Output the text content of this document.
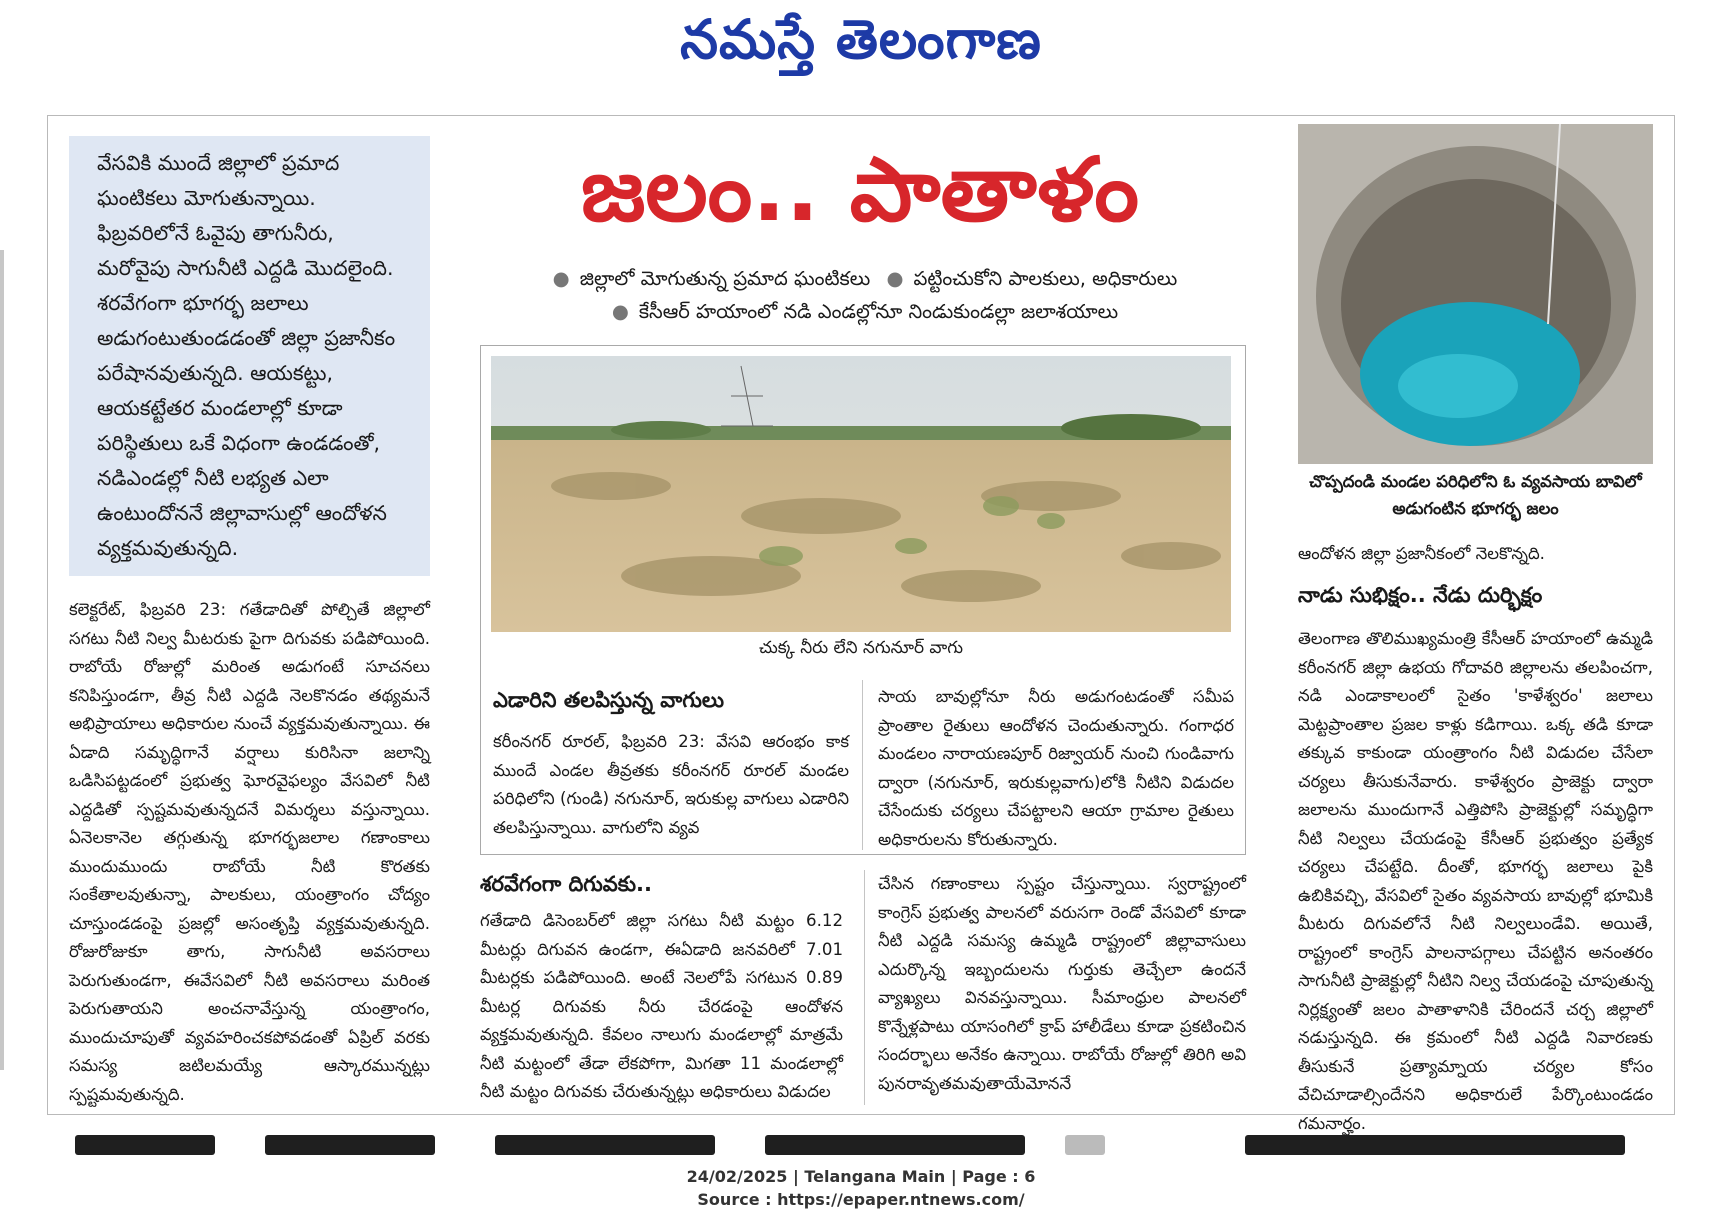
నమస్తే తెలంగాణ

వేసవికి ముందే జిల్లాలో ప్రమాద ఘంటికలు మోగుతున్నాయి. ఫిబ్రవరిలోనే ఓవైపు తాగునీరు, మరోవైపు సాగునీటి ఎద్దడి మొదలైంది. శరవేగంగా భూగర్భ జలాలు అడుగంటుతుండడంతో జిల్లా ప్రజానీకం పరేషానవుతున్నది. ఆయకట్టు, ఆయకట్టేతర మండలాల్లో కూడా పరిస్థితులు ఒకే విధంగా ఉండడంతో, నడిఎండల్లో నీటి లభ్యత ఎలా ఉంటుందోననే జిల్లావాసుల్లో ఆందోళన వ్యక్తమవుతున్నది.

జలం.. పాతాళం
● జిల్లాలో మోగుతున్న ప్రమాద ఘంటికలు ● పట్టించుకోని పాలకులు, అధికారులు
● కేసీఆర్ హయాంలో నడి ఎండల్లోనూ నిండుకుండల్లా జలాశయాలు
చుక్క నీరు లేని నగునూర్ వాగు
ఎడారిని తలపిస్తున్న వాగులు

కరీంనగర్ రూరల్, ఫిబ్రవరి 23: వేసవి ఆరంభం కాక ముందే ఎండల తీవ్రతకు కరీంనగర్ రూరల్ మండల పరిధిలోని (గుండి) నగునూర్, ఇరుకుల్ల వాగులు ఎడారిని తలపిస్తున్నాయి. వాగులోని వ్యవ

సాయ బావుల్లోనూ నీరు అడుగంటడంతో సమీప ప్రాంతాల రైతులు ఆందోళన చెందుతున్నారు. గంగాధర మండలం నారాయణపూర్ రిజ్వాయర్ నుంచి గుండివాగు ద్వారా (నగునూర్, ఇరుకుల్లవాగు)లోకి నీటిని విడుదల చేసేందుకు చర్యలు చేపట్టాలని ఆయా గ్రామాల రైతులు అధికారులను కోరుతున్నారు.

కలెక్టరేట్, ఫిబ్రవరి 23: గతేడాదితో పోల్చితే జిల్లాలో సగటు నీటి నిల్వ మీటరుకు పైగా దిగువకు పడిపోయింది. రాబోయే రోజుల్లో మరింత అడుగంటే సూచనలు కనిపిస్తుండగా, తీవ్ర నీటి ఎద్దడి నెలకొనడం తథ్యమనే అభిప్రాయాలు అధికారుల నుంచే వ్యక్తమవుతున్నాయి. ఈ ఏడాది సమృద్ధిగానే వర్షాలు కురిసినా జలాన్ని ఒడిసిపట్టడంలో ప్రభుత్వ ఘోరవైఫల్యం వేసవిలో నీటి ఎద్దడితో స్పష్టమవుతున్నదనే విమర్శలు వస్తున్నాయి. ఏనెలకానెల తగ్గుతున్న భూగర్భజలాల గణాంకాలు ముందుముందు రాబోయే నీటి కొరతకు సంకేతాలవుతున్నా, పాలకులు, యంత్రాంగం చోద్యం చూస్తుండడంపై ప్రజల్లో అసంతృప్తి వ్యక్తమవుతున్నది. రోజురోజుకూ తాగు, సాగునీటి అవసరాలు పెరుగుతుండగా, ఈవేసవిలో నీటి అవసరాలు మరింత పెరుగుతాయని అంచనావేస్తున్న యంత్రాంగం, ముందుచూపుతో వ్యవహరించకపోవడంతో ఏప్రిల్ వరకు సమస్య జటిలమయ్యే ఆస్కారమున్నట్లు స్పష్టమవుతున్నది.

శరవేగంగా దిగువకు..

గతేడాది డిసెంబర్‌లో జిల్లా సగటు నీటి మట్టం 6.12 మీటర్లు దిగువన ఉండగా, ఈఏడాది జనవరిలో 7.01 మీటర్లకు పడిపోయింది. అంటే నెలలోపే సగటున 0.89 మీటర్ల దిగువకు నీరు చేరడంపై ఆందోళన వ్యక్తమవుతున్నది. కేవలం నాలుగు మండలాల్లో మాత్రమే నీటి మట్టంలో తేడా లేకపోగా, మిగతా 11 మండలాల్లో నీటి మట్టం దిగువకు చేరుతున్నట్లు అధికారులు విడుదల

చేసిన గణాంకాలు స్పష్టం చేస్తున్నాయి. స్వరాష్ట్రంలో కాంగ్రెస్ ప్రభుత్వ పాలనలో వరుసగా రెండో వేసవిలో కూడా నీటి ఎద్దడి సమస్య ఉమ్మడి రాష్ట్రంలో జిల్లావాసులు ఎదుర్కొన్న ఇబ్బందులను గుర్తుకు తెచ్చేలా ఉందనే వ్యాఖ్యలు వినవస్తున్నాయి. సీమాంధ్రుల పాలనలో కొన్నేళ్లపాటు యాసంగిలో క్రాప్ హాలీడేలు కూడా ప్రకటించిన సందర్భాలు అనేకం ఉన్నాయి. రాబోయే రోజుల్లో తిరిగి అవి పునరావృతమవుతాయేమోననే

చొప్పదండి మండల పరిధిలోని ఓ వ్యవసాయ బావిలో అడుగంటిన భూగర్భ జలం

ఆందోళన జిల్లా ప్రజానీకంలో నెలకొన్నది.

నాడు సుభిక్షం.. నేడు దుర్భిక్షం

తెలంగాణ తొలిముఖ్యమంత్రి కేసీఆర్ హయాంలో ఉమ్మడి కరీంనగర్ జిల్లా ఉభయ గోదావరి జిల్లాలను తలపించగా, నడి ఎండాకాలంలో సైతం 'కాళేశ్వరం' జలాలు మెట్టప్రాంతాల ప్రజల కాళ్లు కడిగాయి. ఒక్క తడి కూడా తక్కువ కాకుండా యంత్రాంగం నీటి విడుదల చేసేలా చర్యలు తీసుకునేవారు. కాళేశ్వరం ప్రాజెక్టు ద్వారా జలాలను ముందుగానే ఎత్తిపోసి ప్రాజెక్టుల్లో సమృద్ధిగా నీటి నిల్వలు చేయడంపై కేసీఆర్ ప్రభుత్వం ప్రత్యేక చర్యలు చేపట్టేది. దీంతో, భూగర్భ జలాలు పైకి ఉబికివచ్చి, వేసవిలో సైతం వ్యవసాయ బావుల్లో భూమికి మీటరు దిగువలోనే నీటి నిల్వలుండేవి. అయితే, రాష్ట్రంలో కాంగ్రెస్ పాలనాపగ్గాలు చేపట్టిన అనంతరం సాగునీటి ప్రాజెక్టుల్లో నీటిని నిల్వ చేయడంపై చూపుతున్న నిర్లక్ష్యంతో జలం పాతాళానికి చేరిందనే చర్చ జిల్లాలో నడుస్తున్నది. ఈ క్రమంలో నీటి ఎద్దడి నివారణకు తీసుకునే ప్రత్యామ్నాయ చర్యల కోసం వేచిచూడాల్సిందేనని అధికారులే పేర్కొంటుండడం గమనార్హం.

24/02/2025 | Telangana Main | Page : 6
Source : https://epaper.ntnews.com/
